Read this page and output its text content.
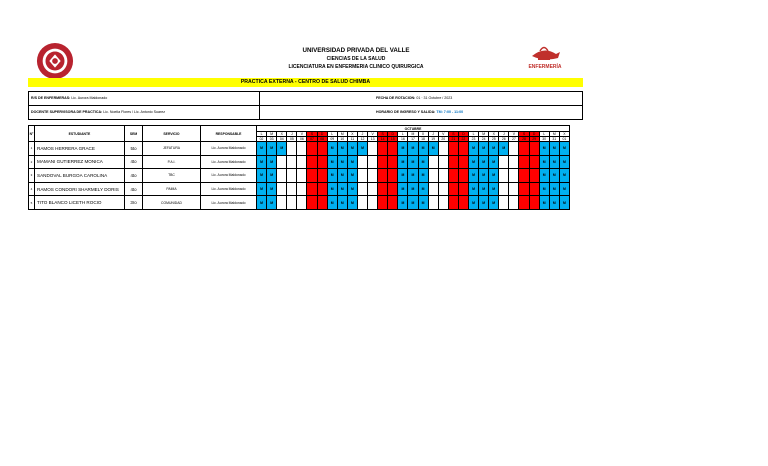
ENFERMERÍA
UNIVERSIDAD PRIVADA DEL VALLE
CIENCIAS DE LA SALUD
LICENCIATURA EN ENFERMERIA CLINICO QUIRURGICA
PRACTICA EXTERNA - CENTRO DE SALUD CHIMBA
R/S DE ENFERMERAS: Lic. Aurora Maldonado	FECHA DE ROTACION: 01 · 31 Octubre / 2023
DOCENTE SUPERVISORA DE PRACTICA: Lic. Noelia Flores / Lic. Antonio Suarez	HORARIO DE INGRESO Y SALIDA: TM: 7:00 - 11:00
N°	ESTUDIANTE	SEM	SERVICIO	RESPONSABLE	OCTUBRE																														
					L	M	X	J	V	S	D	L	M	X	J	V	S	D	L	M	X	J	V	S	D	L	M	X	J	V	S	D	L	M	X
					02	03	04	05	06	07	08	09	10	11	12	13	14	15	16	17	18	19	20	21	22	23	24	25	26	27	28	29	30	31	01
1	RAMOS HERRERA GRACE	5to	JEFATURA	Lic. Aurora Maldonado	M	M	M					M	M	M	M				M	M	M	M				M	M	M	M				M	M	M
2	MAMANI GUTIERREZ MONICA	4to	P.A.I.	Lic. Aurora Maldonado	M	M						M	M	M					M	M	M					M	M	M					M	M	M
3	SANDOVAL BURGOA CAROLINA	4to	TBC	Lic. Aurora Maldonado	M	M						M	M	M					M	M	M					M	M	M					M	M	M
4	RAMOS CONDORI SHARMELY DORIS	4to	PAIMA	Lic. Aurora Maldonado	M	M						M	M	M					M	M	M					M	M	M					M	M	M
5	TITO BLANCO LICETH ROCIO	3ro	COMUNIDAD	Lic. Aurora Maldonado	M	M						M	M	M					M	M	M					M	M	M					M	M	M
